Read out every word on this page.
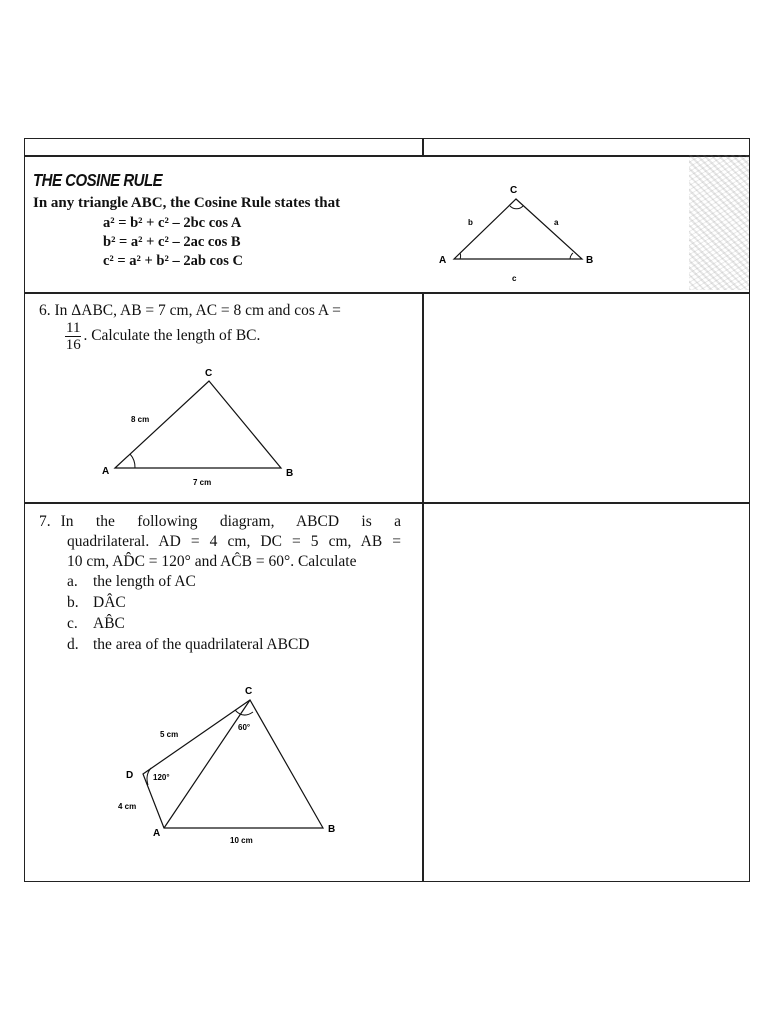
THE COSINE RULE
In any triangle ABC, the Cosine Rule states that
a² = b² + c² – 2bc cos A
b² = a² + c² – 2ac cos B
c² = a² + b² – 2ab cos C	A	B
C
b	a
c
6. In ΔABC, AB = 7 cm, AC = 8 cm and cos A =
$\frac{11}{16}$ . Calculate the length of BC.
A	B
C
8 cm
7 cm
7. In the following diagram, ABCD is a
quadrilateral. AD = 4 cm, DC = 5 cm, AB =
10 cm, AD̂C = 120° and AĈB = 60°. Calculate
a. the length of AC
b. DÂC
c. AB̂C
d. the area of the quadrilateral ABCD
A	B
C
D
5 cm
4 cm
10 cm
60°
120°
